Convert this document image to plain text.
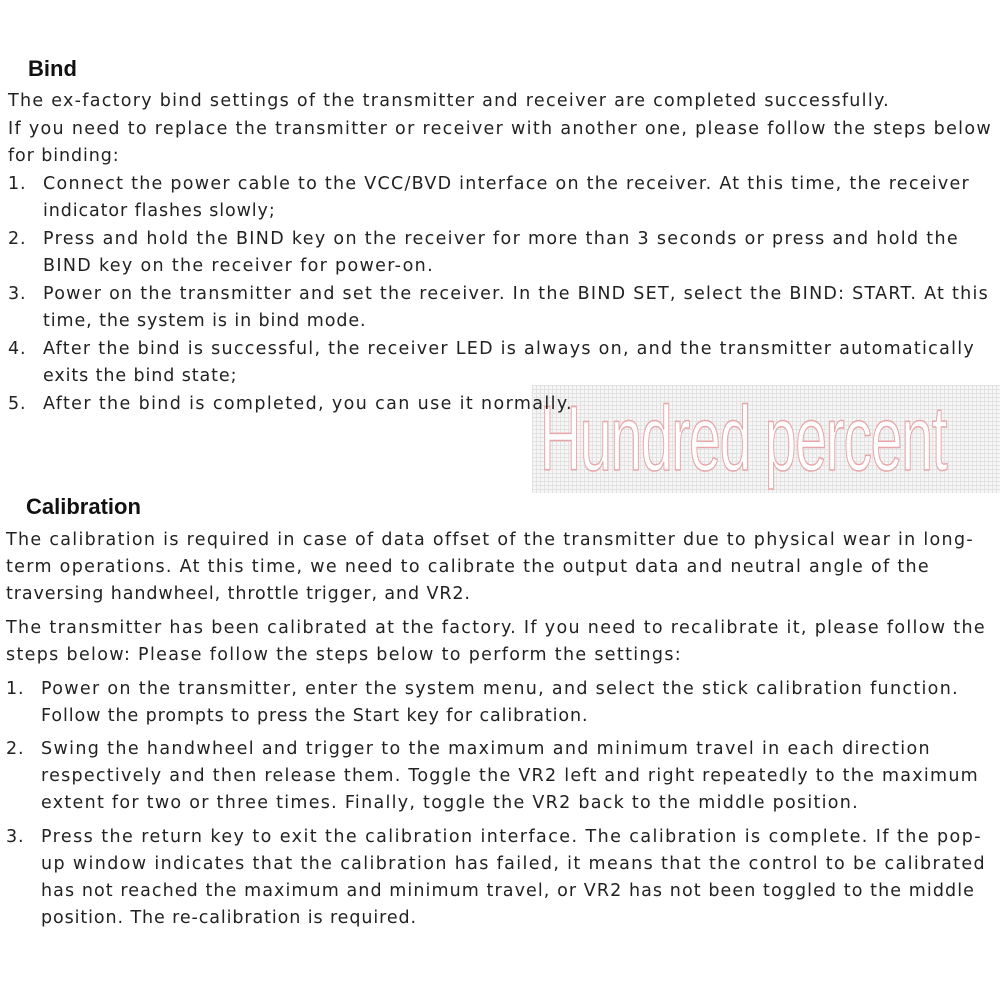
Hundred percent
Bind
The ex-factory bind settings of the transmitter and receiver are completed successfully.
If you need to replace the transmitter or receiver with another one, please follow the steps below
for binding:
1. Connect the power cable to the VCC/BVD interface on the receiver. At this time, the receiver
indicator flashes slowly;
2. Press and hold the BIND key on the receiver for more than 3 seconds or press and hold the
BIND key on the receiver for power-on.
3. Power on the transmitter and set the receiver. In the BIND SET, select the BIND: START. At this
time, the system is in bind mode.
4. After the bind is successful, the receiver LED is always on, and the transmitter automatically
exits the bind state;
5. After the bind is completed, you can use it normally.
Calibration
The calibration is required in case of data offset of the transmitter due to physical wear in long-
term operations. At this time, we need to calibrate the output data and neutral angle of the
traversing handwheel, throttle trigger, and VR2.
The transmitter has been calibrated at the factory. If you need to recalibrate it, please follow the
steps below: Please follow the steps below to perform the settings:
1. Power on the transmitter, enter the system menu, and select the stick calibration function.
Follow the prompts to press the Start key for calibration.
2. Swing the handwheel and trigger to the maximum and minimum travel in each direction
respectively and then release them. Toggle the VR2 left and right repeatedly to the maximum
extent for two or three times. Finally, toggle the VR2 back to the middle position.
3. Press the return key to exit the calibration interface. The calibration is complete. If the pop-
up window indicates that the calibration has failed, it means that the control to be calibrated
has not reached the maximum and minimum travel, or VR2 has not been toggled to the middle
position. The re-calibration is required.
